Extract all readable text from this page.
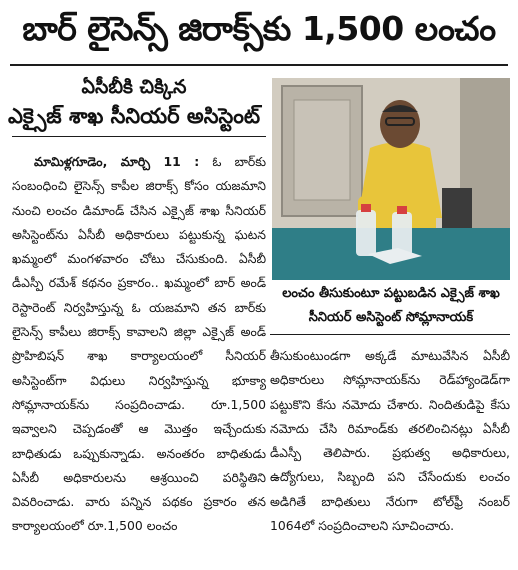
బార్ లైసెన్స్ జిరాక్స్‌కు 1,500 లంచం
ఏసీబీకి చిక్కిన
ఎక్సైజ్ శాఖ సీనియర్ అసిస్టెంట్

మామిళ్లగూడెం, మార్చి 11 : ఓ బార్‌కు సంబంధించి లైసెన్స్ కాపీల జిరాక్స్ కోసం యజమాని నుంచి లంచం డిమాండ్ చేసిన ఎక్సైజ్ శాఖ సీనియర్ అసిస్టెంట్‌ను ఏసీబీ అధికారులు పట్టుకున్న ఘటన ఖమ్మంలో మంగళవారం చోటు చేసుకుంది. ఏసీబీ డీఎస్పీ రమేశ్ కథనం ప్రకారం.. ఖమ్మంలో బార్ అండ్ రెస్టారెంట్ నిర్వహిస్తున్న ఓ యజమాని తన బార్‌కు లైసెన్స్ కాపీలు జిరాక్స్ కావాలని జిల్లా ఎక్సైజ్ అండ్ ప్రొహిబిషన్ శాఖ కార్యాలయంలో సీనియర్ అసిస్టెంట్‌గా విధులు నిర్వహిస్తున్న భూక్యా సోమ్లానాయక్‌ను సంప్రదించాడు. రూ.1,500 ఇవ్వాలని చెప్పడంతో ఆ మొత్తం ఇచ్చేందుకు బాధితుడు ఒప్పుకున్నాడు. అనంతరం బాధితుడు ఏసీబీ అధికారులను ఆశ్రయించి పరిస్థితిని వివరించాడు. వారు పన్నిన పథకం ప్రకారం తన కార్యాలయంలో రూ.1,500 లంచం

లంచం తీసుకుంటూ పట్టుబడిన ఎక్సైజ్ శాఖ సీనియర్ అసిస్టెంట్ సోమ్లానాయక్

తీసుకుంటుండగా అక్కడే మాటువేసిన ఏసీబీ అధికారులు సోమ్లానాయక్‌ను రెడ్‌హ్యాండెడ్‌గా పట్టుకొని కేసు నమోదు చేశారు. నిందితుడిపై కేసు నమోదు చేసి రిమాండ్‌కు తరలించినట్లు ఏసీబీ డీఎస్పీ తెలిపారు. ప్రభుత్వ అధికారులు, ఉద్యోగులు, సిబ్బంది పని చేసేందుకు లంచం అడిగితే బాధితులు నేరుగా టోల్‌ఫ్రీ నంబర్ 1064లో సంప్రదించాలని సూచించారు.
